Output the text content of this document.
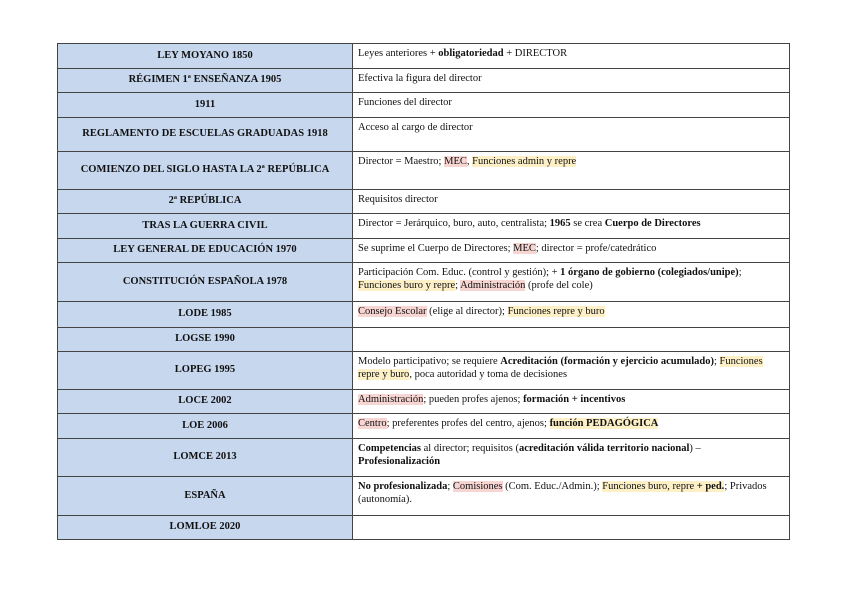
LEY MOYANO 1850	Leyes anteriores + obligatoriedad + DIRECTOR
RÉGIMEN 1ª ENSEÑANZA 1905	Efectiva la figura del director
1911	Funciones del director
REGLAMENTO DE ESCUELAS GRADUADAS 1918	Acceso al cargo de director
COMIENZO DEL SIGLO HASTA LA 2ª REPÚBLICA	Director = Maestro; MEC, Funciones admin y repre
2ª REPÚBLICA	Requisitos director
TRAS LA GUERRA CIVIL	Director = Jerárquico, buro, auto, centralista; 1965 se crea Cuerpo de Directores
LEY GENERAL DE EDUCACIÓN 1970	Se suprime el Cuerpo de Directores; MEC; director = profe/catedrático
CONSTITUCIÓN ESPAÑOLA 1978	Participación Com. Educ. (control y gestión); + 1 órgano de gobierno (colegiados/unipe); Funciones buro y repre; Administración (profe del cole)
LODE 1985	Consejo Escolar (elige al director); Funciones repre y buro
LOGSE 1990	
LOPEG 1995	Modelo participativo; se requiere Acreditación (formación y ejercicio acumulado); Funciones repre y buro, poca autoridad y toma de decisiones
LOCE 2002	Administración; pueden profes ajenos; formación + incentivos
LOE 2006	Centro; preferentes profes del centro, ajenos; función PEDAGÓGICA
LOMCE 2013	Competencias al director; requisitos (acreditación válida territorio nacional) – Profesionalización
ESPAÑA	No profesionalizada; Comisiones (Com. Educ./Admin.); Funciones buro, repre + ped.; Privados (autonomía).
LOMLOE 2020	
